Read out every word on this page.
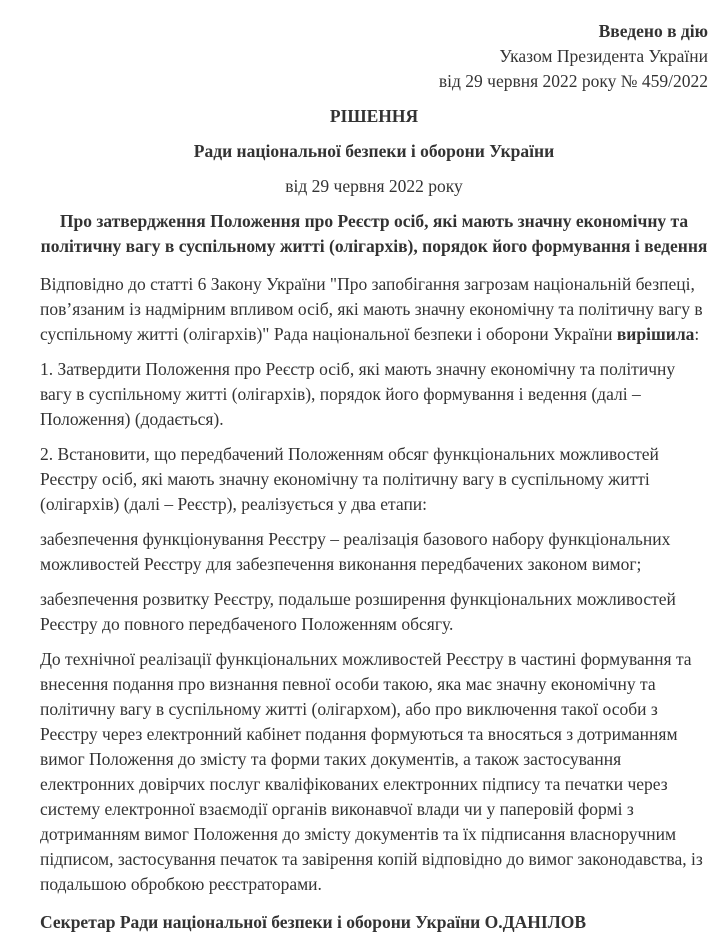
Введено в дію

Указом Президента України

від 29 червня 2022 року № 459/2022

РІШЕННЯ

Ради національної безпеки і оборони України

від 29 червня 2022 року

Про затвердження Положення про Реєстр осіб, які мають значну економічну та політичну вагу в суспільному житті (олігархів), порядок його формування і ведення

Відповідно до статті 6 Закону України "Про запобігання загрозам національній безпеці, пов’язаним із надмірним впливом осіб, які мають значну економічну та політичну вагу в суспільному житті (олігархів)" Рада національної безпеки і оборони України вирішила:

1. Затвердити Положення про Реєстр осіб, які мають значну економічну та політичну вагу в суспільному житті (олігархів), порядок його формування і ведення (далі – Положення) (додається).

2. Встановити, що передбачений Положенням обсяг функціональних можливостей Реєстру осіб, які мають значну економічну та політичну вагу в суспільному житті (олігархів) (далі – Реєстр), реалізується у два етапи:

забезпечення функціонування Реєстру – реалізація базового набору функціональних можливостей Реєстру для забезпечення виконання передбачених законом вимог;

забезпечення розвитку Реєстру, подальше розширення функціональних можливостей Реєстру до повного передбаченого Положенням обсягу.

До технічної реалізації функціональних можливостей Реєстру в частині формування та внесення подання про визнання певної особи такою, яка має значну економічну та політичну вагу в суспільному житті (олігархом), або про виключення такої особи з Реєстру через електронний кабінет подання формуються та вносяться з дотриманням вимог Положення до змісту та форми таких документів, а також застосування електронних довірчих послуг кваліфікованих електронних підпису та печатки через систему електронної взаємодії органів виконавчої влади чи у паперовій формі з дотриманням вимог Положення до змісту документів та їх підписання власноручним підписом, застосування печаток та завірення копій відповідно до вимог законодавства, із подальшою обробкою реєстраторами.

Секретар Ради національної безпеки і оборони України О.ДАНІЛОВ
